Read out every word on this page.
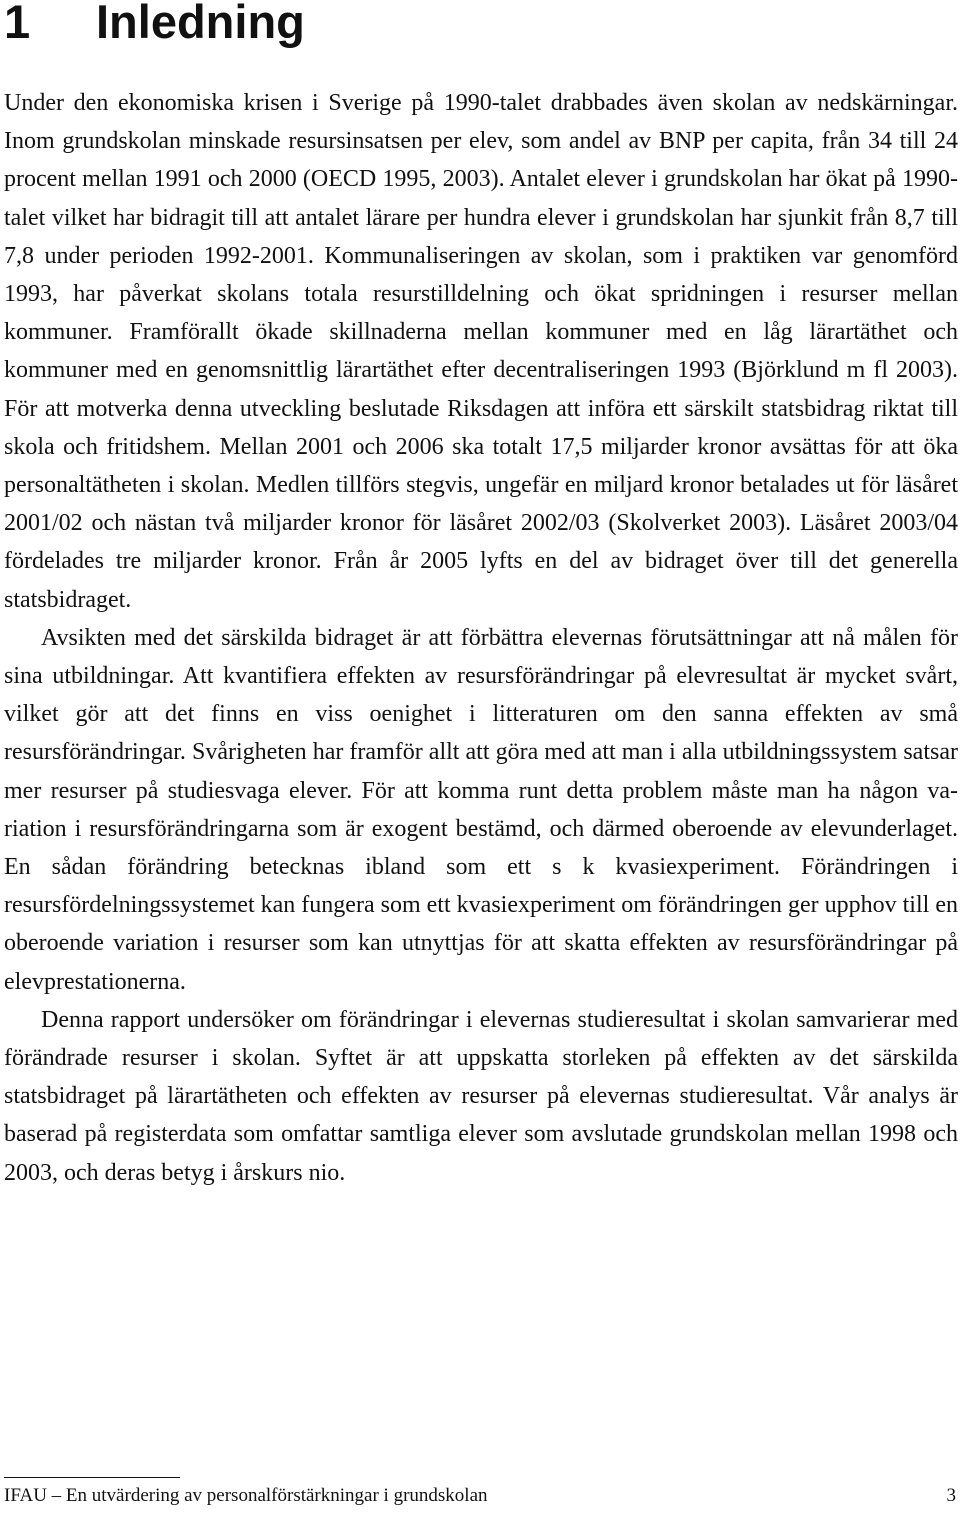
1 Inledning

Under den ekonomiska krisen i Sverige på 1990-talet drabbades även skolan av nedskärningar. Inom grundskolan minskade resursinsatsen per elev, som andel av BNP per capita, från 34 till 24 procent mellan 1991 och 2000 (OECD 1995, 2003). Antalet elever i grundskolan har ökat på 1990-talet vilket har bidragit till att antalet lärare per hundra elever i grundskolan har sjunkit från 8,7 till 7,8 under perioden 1992-2001. Kommunaliseringen av skolan, som i praktiken var genomförd 1993, har påverkat skolans totala resurstilldelning och ökat spridningen i resurser mellan kommuner. Framförallt ökade skillnaderna mellan kommuner med en låg lärartäthet och kommuner med en genomsnittlig lärartäthet efter decentraliseringen 1993 (Björklund m fl 2003). För att motverka denna utveckling beslutade Riksdagen att införa ett särskilt statsbidrag riktat till skola och fritidshem. Mellan 2001 och 2006 ska totalt 17,5 miljarder kronor avsättas för att öka personaltätheten i skolan. Medlen tillförs stegvis, ungefär en miljard kronor betalades ut för läsåret 2001/02 och nästan två miljarder kronor för läsåret 2002/03 (Skolverket 2003). Läsåret 2003/04 fördelades tre miljarder kronor. Från år 2005 lyfts en del av bidraget över till det generella statsbidraget.

Avsikten med det särskilda bidraget är att förbättra elevernas förutsättningar att nå målen för sina utbildningar. Att kvantifiera effekten av resursförändringar på elevresultat är mycket svårt, vilket gör att det finns en viss oenighet i litteraturen om den sanna effekten av små resursförändringar. Svårigheten har framför allt att göra med att man i alla utbildningssystem satsar mer resurser på studiesvaga elever. För att komma runt detta problem måste man ha någon variation i resursförändringarna som är exogent bestämd, och därmed oberoende av elevunderlaget. En sådan förändring betecknas ibland som ett s k kvasiexperiment. Förändringen i resursfördelningssystemet kan fungera som ett kvasiexperiment om förändringen ger upphov till en oberoende variation i resurser som kan utnyttjas för att skatta effekten av resursförändringar på elevprestationerna.

Denna rapport undersöker om förändringar i elevernas studieresultat i skolan samvarierar med förändrade resurser i skolan. Syftet är att uppskatta storleken på effekten av det särskilda statsbidraget på lärartätheten och effekten av resurser på elevernas studieresultat. Vår analys är baserad på registerdata som omfattar samtliga elever som avslutade grundskolan mellan 1998 och 2003, och deras betyg i årskurs nio.

IFAU – En utvärdering av personalförstärkningar i grundskolan	3
